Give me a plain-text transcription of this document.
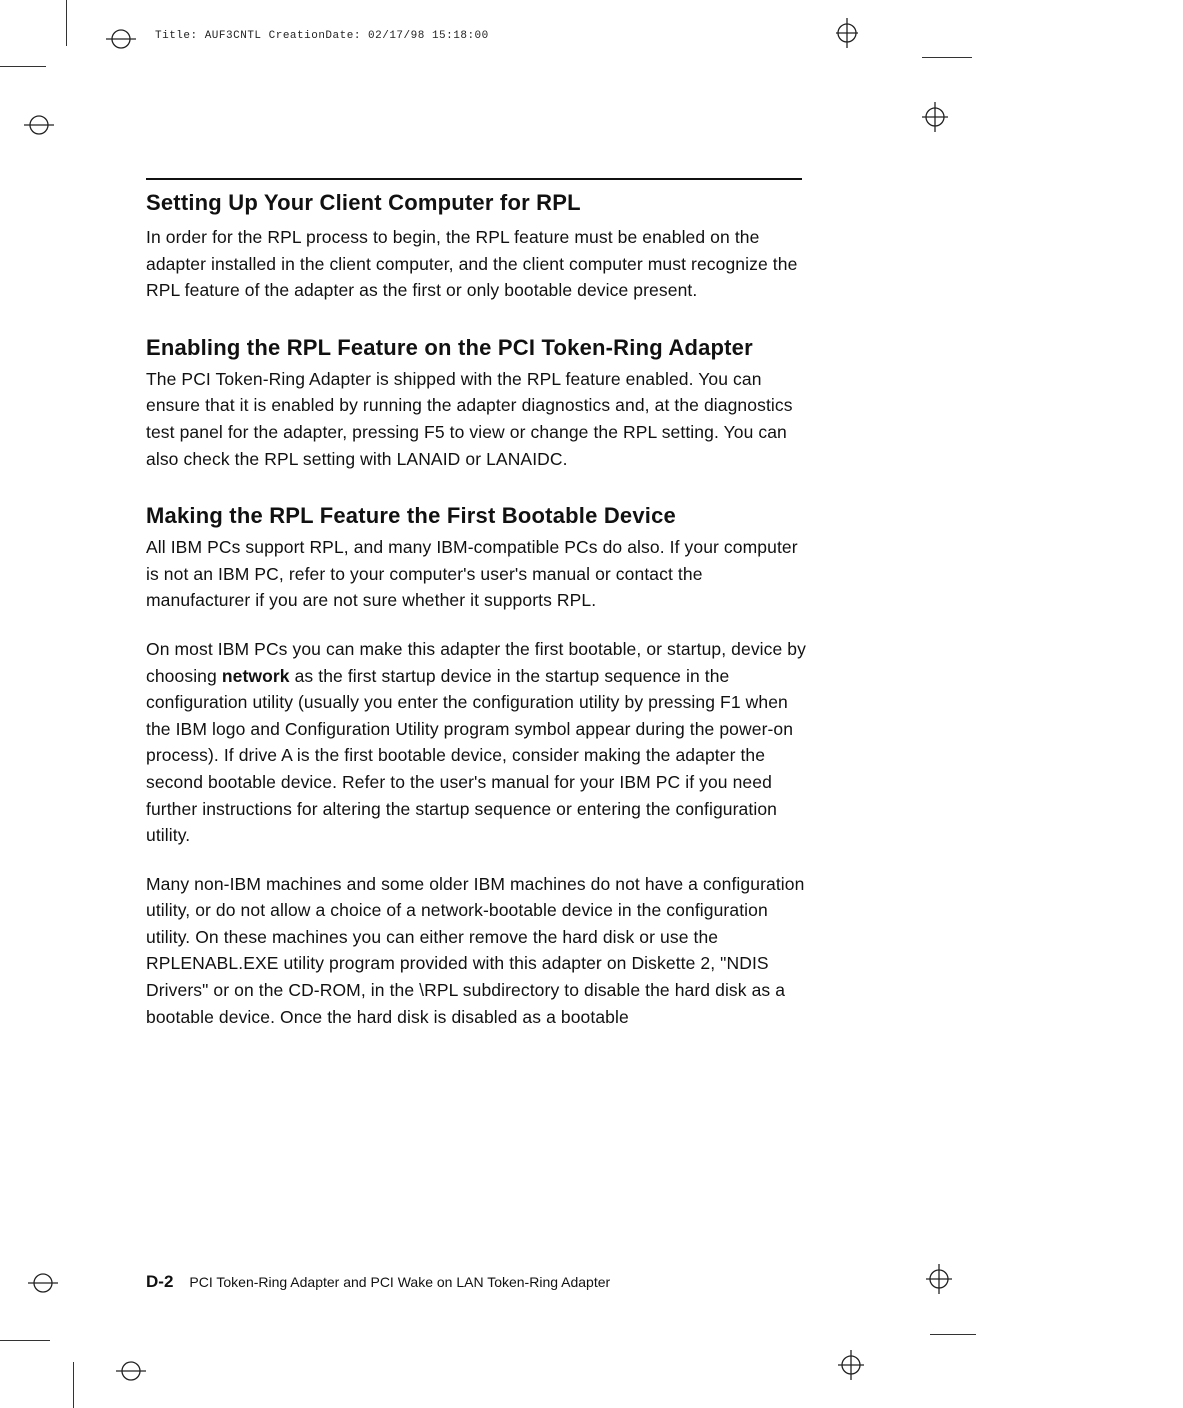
Title: AUF3CNTL CreationDate: 02/17/98 15:18:00
Setting Up Your Client Computer for RPL

In order for the RPL process to begin, the RPL feature must be enabled on the adapter installed in the client computer, and the client computer must recognize the RPL feature of the adapter as the first or only bootable device present.

Enabling the RPL Feature on the PCI Token-Ring Adapter

The PCI Token-Ring Adapter is shipped with the RPL feature enabled. You can ensure that it is enabled by running the adapter diagnostics and, at the diagnostics test panel for the adapter, pressing F5 to view or change the RPL setting. You can also check the RPL setting with LANAID or LANAIDC.

Making the RPL Feature the First Bootable Device

All IBM PCs support RPL, and many IBM-compatible PCs do also. If your computer is not an IBM PC, refer to your computer's user's manual or contact the manufacturer if you are not sure whether it supports RPL.

On most IBM PCs you can make this adapter the first bootable, or startup, device by choosing network as the first startup device in the startup sequence in the configuration utility (usually you enter the configuration utility by pressing F1 when the IBM logo and Configuration Utility program symbol appear during the power-on process). If drive A is the first bootable device, consider making the adapter the second bootable device. Refer to the user's manual for your IBM PC if you need further instructions for altering the startup sequence or entering the configuration utility.

Many non-IBM machines and some older IBM machines do not have a configuration utility, or do not allow a choice of a network-bootable device in the configuration utility. On these machines you can either remove the hard disk or use the RPLENABL.EXE utility program provided with this adapter on Diskette 2, "NDIS Drivers" or on the CD-ROM, in the \RPL subdirectory to disable the hard disk as a bootable device. Once the hard disk is disabled as a bootable

D-2 PCI Token-Ring Adapter and PCI Wake on LAN Token-Ring Adapter
